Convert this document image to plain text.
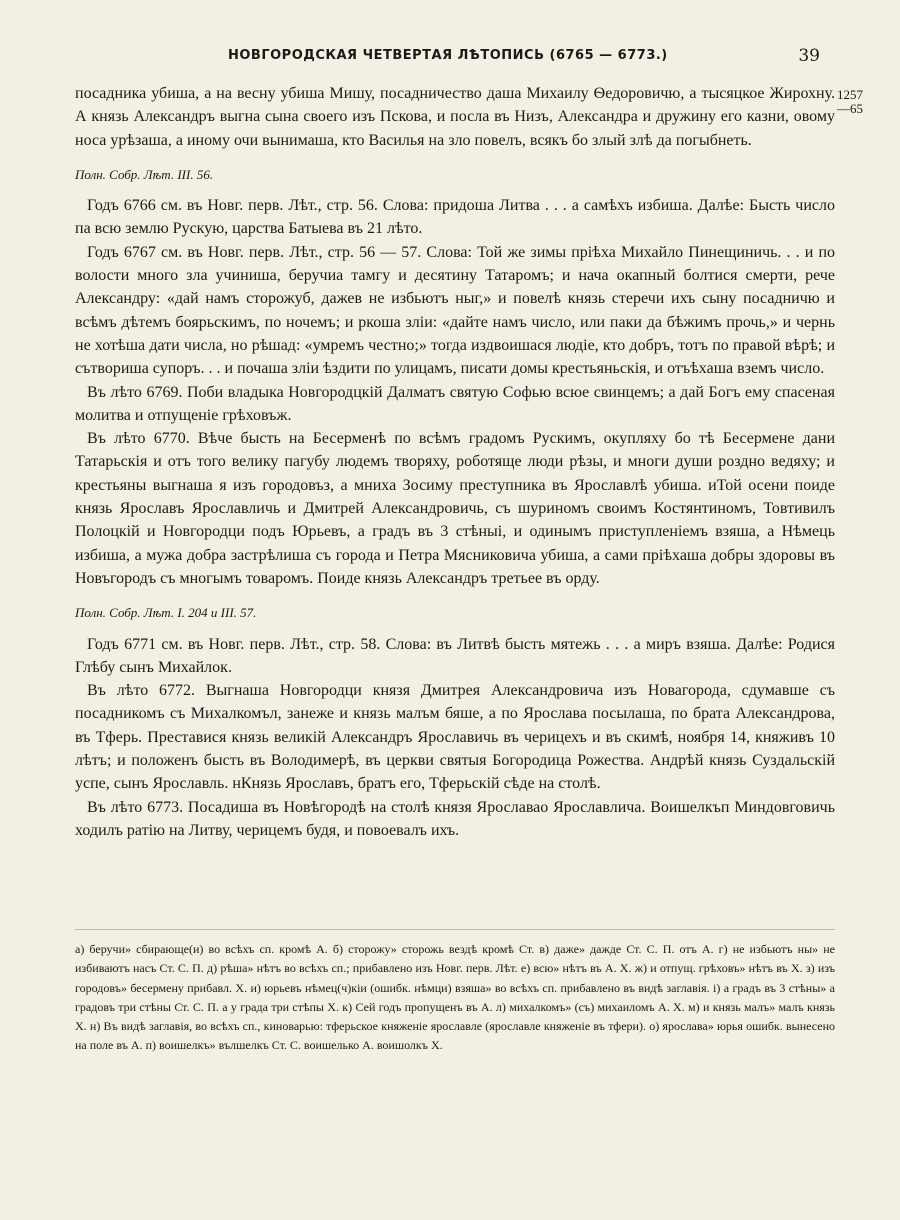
НОВГОРОДСКАЯ ЧЕТВЕРТАЯ ЛѢТОПИСЬ (6765 — 6773.)	39
1257
—65

посадника убиша, а на весну убиша Мишу, посадничество даша Михаилу Ѳедоровичю, а тысяцкое Жирохну. А князь Александръ выгна сына своего изъ Пскова, и посла въ Низъ, Александра и дружину его казни, овому носа урѣзаша, а иному очи вынимаша, кто Василья на зло повелъ, всякъ бо злый злѣ да погыбнеть.

Полн. Собр. Лѣт. III. 56.

Годъ 6766 см. въ Новг. перв. Лѣт., стр. 56. Слова: придоша Литва . . . а самѣхъ избиша. Далѣе: Бысть число па всю землю Рускую, царства Батыева въ 21 лѣто.

Годъ 6767 см. въ Новг. перв. Лѣт., стр. 56 — 57. Слова: Той же зимы прiѣха Михайло Пинещиничь. . . и по волости много зла учиниша, беручиа тамгу и десятину Татаромъ; и нача окапный болтися смерти, рече Александру: «дай намъ сторожуб, дажев не избьютъ ныг,» и повелѣ князь стеречи ихъ сыну посадничю и всѣмъ дѣтемъ боярьскимъ, по ночемъ; и ркоша злiи: «дайте намъ число, или паки да бѣжимъ прочь,» и чернь не хотѣша дати числа, но рѣшад: «умремъ честно;» тогда издвоишася людiе, кто добръ, тотъ по правой вѣрѣ; и сътвориша супоръ. . . и почаша злiи ѣздити по улицамъ, писати домы крестьяньскiя, и отъѣхаша вземъ число.

Въ лѣто 6769. Поби владыка Новгородцкiй Далматъ святую Софью всюе свинцемъ; а дай Богъ ему спасеная молитва и отпущенiе грѣховъж.

Въ лѣто 6770. Вѣче бысть на Бесерменѣ по всѣмъ градомъ Рускимъ, окупляху бо тѣ Бесермене дани Татарьскiя и отъ того велику пагубу людемъ творяху, роботяще люди рѣзы, и многи души роздно ведяху; и крестьяны выгнаша я изъ городовъз, а мниха Зосиму преступника въ Ярославлѣ убиша. иТой осени поиде князь Ярославъ Ярославличь и Дмитрей Александровичь, съ шуриномъ своимъ Костянтиномъ, Товтивилъ Полоцкiй и Новгородци подъ Юрьевъ, а градъ въ 3 стѣныi, и одинымъ приступленiемъ взяша, а Нѣмець избиша, а мужа добра застрѣлиша съ города и Петра Мясниковича убиша, а сами прiѣхаша добры здоровы въ Новъгородъ съ многымъ товаромъ. Поиде князь Александръ третьее въ орду.

Полн. Собр. Лѣт. I. 204 и III. 57.

Годъ 6771 см. въ Новг. перв. Лѣт., стр. 58. Слова: въ Литвѣ бысть мятежь . . . а миръ взяша. Далѣе: Родися Глѣбу сынъ Михайлок.

Въ лѣто 6772. Выгнаша Новгородци князя Дмитрея Александровича изъ Новагорода, сдумавше съ посадникомъ съ Михалкомъл, занеже и князь малъм бяше, а по Ярослава посылаша, по брата Александрова, въ Тферь. Преставися князь великiй Александръ Ярославичь въ черицехъ и въ скимѣ, ноября 14, княживъ 10 лѣтъ; и положенъ бысть въ Володимерѣ, въ церкви святыя Богородица Рожества. Андрѣй князь Суздальскiй успе, сынъ Ярославль. нКнязь Ярославъ, братъ его, Тферьскiй сѣде на столѣ.

Въ лѣто 6773. Посадиша въ Новѣгородѣ на столѣ князя Ярославао Ярославлича. Воишелкъп Миндовговичь ходилъ ратiю на Литву, черицемъ будя, и повоевалъ ихъ.

а) беручи» сбирающе(и) во всѣхъ сп. кромѣ А. б) сторожу» сторожь вездѣ кромѣ Ст. в) даже» дажде Ст. С. П. отъ А. г) не избьютъ ны» не избиваютъ насъ Ст. С. П. д) рѣша» нѣтъ во всѣхъ сп.; прибавлено изъ Новг. перв. Лѣт. е) всю» нѣтъ въ А. Х. ж) и отпущ. грѣховъ» нѣтъ въ Х. з) изъ городовъ» бесермену прибавл. Х. и) юрьевъ нѣмец(ч)кiи (ошибк. нѣмци) взяша» во всѣхъ сп. прибавлено въ видѣ заглавiя. i) а градъ въ 3 стѣны» а градовъ три стѣны Ст. С. П. а у града три стѣпы Х. к) Сей годъ пропущенъ въ А. л) михалкомъ» (съ) михаиломъ А. Х. м) и князь малъ» малъ князь Х. н) Въ видѣ заглавiя, во всѣхъ сп., киноварью: тферьское княженiе ярославле (ярославле княженiе въ тфери). о) ярослава» юрья ошибк. вынесено на поле въ А. п) воишелкъ» вълшелкъ Ст. С. воишелько А. воишолкъ Х.
